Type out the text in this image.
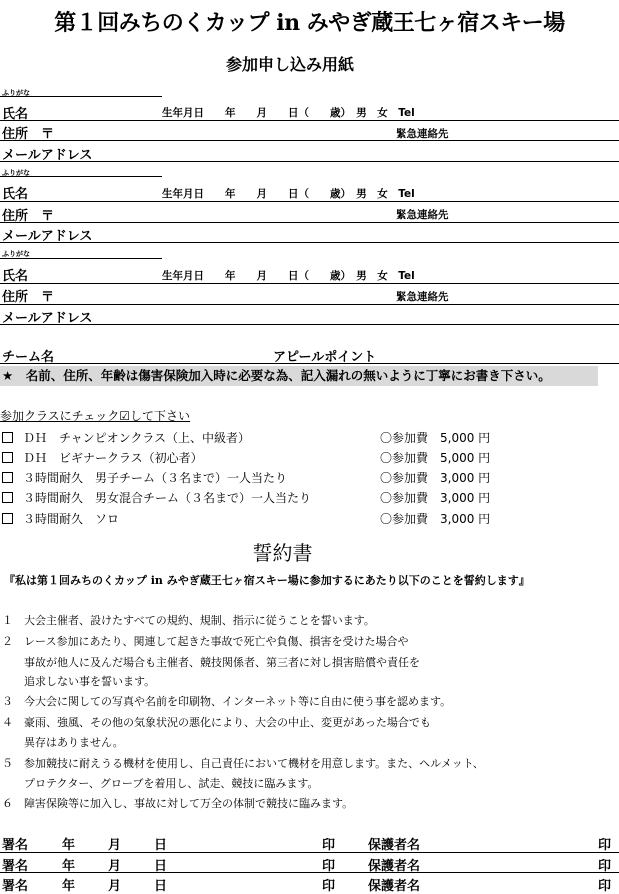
第１回みちのくカップ in みやぎ蔵王七ヶ宿スキー場
参加申し込み用紙
ふりがな
氏名	生年月日　　年　　月　　日（　　歳）　男　女　Tel
住所　〒	緊急連絡先
メールアドレス
ふりがな
氏名	生年月日　　年　　月　　日（　　歳）　男　女　Tel
住所　〒	緊急連絡先
メールアドレス
ふりがな
氏名	生年月日　　年　　月　　日（　　歳）　男　女　Tel
住所　〒	緊急連絡先
メールアドレス
チーム名	アピールポイント
★　名前、住所、年齢は傷害保険加入時に必要な為、記入漏れの無いように丁寧にお書き下さい。
参加クラスにチェック☑して下さい
ＤＨ　チャンピオンクラス（上、中級者）	〇参加費　5,000 円
ＤＨ　ビギナークラス（初心者）	〇参加費　5,000 円
３時間耐久　男子チーム（３名まで）一人当たり	〇参加費　3,000 円
３時間耐久　男女混合チーム（３名まで）一人当たり	〇参加費　3,000 円
３時間耐久　ソロ	〇参加費　3,000 円
誓約書
『私は第１回みちのくカップ in みやぎ蔵王七ヶ宿スキー場に参加するにあたり以下のことを誓約します』
１　大会主催者、設けたすべての規約、規制、指示に従うことを誓います。
２　レース参加にあたり、関連して起きた事故で死亡や負傷、損害を受けた場合や
　　事故が他人に及んだ場合も主催者、競技関係者、第三者に対し損害賠償や責任を
　　追求しない事を誓います。
３　今大会に関しての写真や名前を印刷物、インターネット等に自由に使う事を認めます。
４　豪雨、強風、その他の気象状況の悪化により、大会の中止、変更があった場合でも
　　異存はありません。
５　参加競技に耐えうる機材を使用し、自己責任において機材を用意します。また、ヘルメット、
　　プロテクター、グローブを着用し、試走、競技に臨みます。
６　障害保険等に加入し、事故に対して万全の体制で競技に臨みます。
署名	年	月	日	印	保護者名	印
署名	年	月	日	印	保護者名	印
署名	年	月	日	印	保護者名	印
